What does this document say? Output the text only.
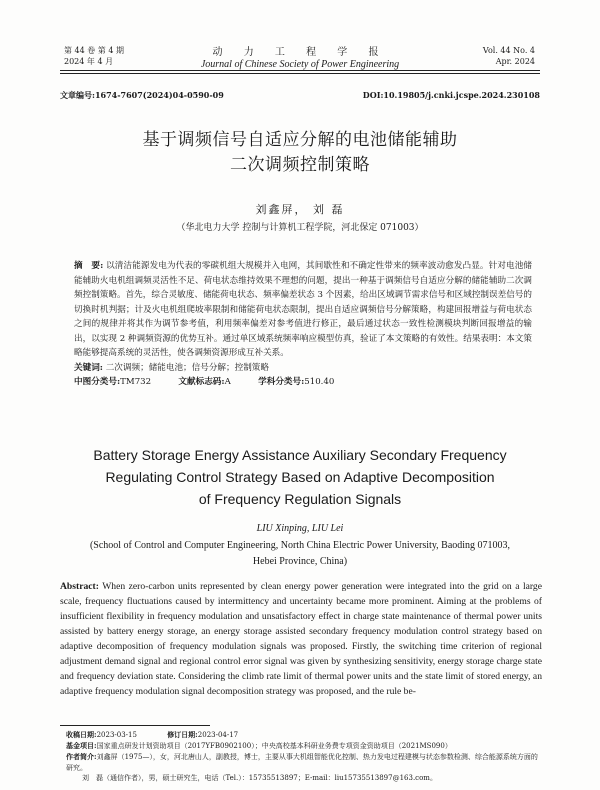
第 44 卷 第 4 期
2024 年 4 月
动 力 工 程 学 报
Journal of Chinese Society of Power Engineering
Vol. 44 No. 4
Apr. 2024
文章编号:1674-7607(2024)04-0590-09	DOI:10.19805/j.cnki.jcspe.2024.230108
基于调频信号自适应分解的电池储能辅助
二次调频控制策略
刘鑫屏， 刘 磊
（华北电力大学 控制与计算机工程学院，河北保定 071003）
摘　要: 以清洁能源发电为代表的零碳机组大规模并入电网，其间歇性和不确定性带来的频率波动愈发凸显。针对电池储能辅助火电机组调频灵活性不足、荷电状态维持效果不理想的问题，提出一种基于调频信号自适应分解的储能辅助二次调频控制策略。首先，综合灵敏度、储能荷电状态、频率偏差状态 3 个因素，给出区域调节需求信号和区域控制误差信号的切换时机判据；计及火电机组爬坡率限制和储能荷电状态限制，提出自适应调频信号分解策略，构建回报增益与荷电状态之间的规律并将其作为调节参考值，利用频率偏差对参考值进行修正，最后通过状态一致性检测模块判断回报增益的输出，以实现 2 种调频资源的优势互补。通过单区域系统频率响应模型仿真，验证了本文策略的有效性。结果表明：本文策略能够提高系统的灵活性，使各调频资源形成互补关系。
关键词: 二次调频；储能电池；信号分解；控制策略
中图分类号:TM732	文献标志码:A	学科分类号:510.40
Battery Storage Energy Assistance Auxiliary Secondary Frequency
Regulating Control Strategy Based on Adaptive Decomposition
of Frequency Regulation Signals
LIU Xinping, LIU Lei
(School of Control and Computer Engineering, North China Electric Power University, Baoding 071003,
Hebei Province, China)
Abstract: When zero-carbon units represented by clean energy power generation were integrated into the grid on a large scale, frequency fluctuations caused by intermittency and uncertainty became more prominent. Aiming at the problems of insufficient flexibility in frequency modulation and unsatisfactory effect in charge state maintenance of thermal power units assisted by battery energy storage, an energy storage assisted secondary frequency modulation control strategy based on adaptive decomposition of frequency modulation signals was proposed. Firstly, the switching time criterion of regional adjustment demand signal and regional control error signal was given by synthesizing sensitivity, energy storage charge state and frequency deviation state. Considering the climb rate limit of thermal power units and the state limit of stored energy, an adaptive frequency modulation signal decomposition strategy was proposed, and the rule be-
收稿日期:2023-03-15	修订日期:2023-04-17
基金项目:国家重点研发计划资助项目（2017YFB0902100）；中央高校基本科研业务费专项资金资助项目（2021MS090）
作者简介:刘鑫屏（1975—），女，河北唐山人，副教授，博士，主要从事大机组智能优化控制、热力发电过程建模与状态参数检测、综合能源系统方面的研究。
刘　磊（通信作者），男，硕士研究生，电话（Tel.）：15735513897；E-mail：liu15735513897@163.com。
